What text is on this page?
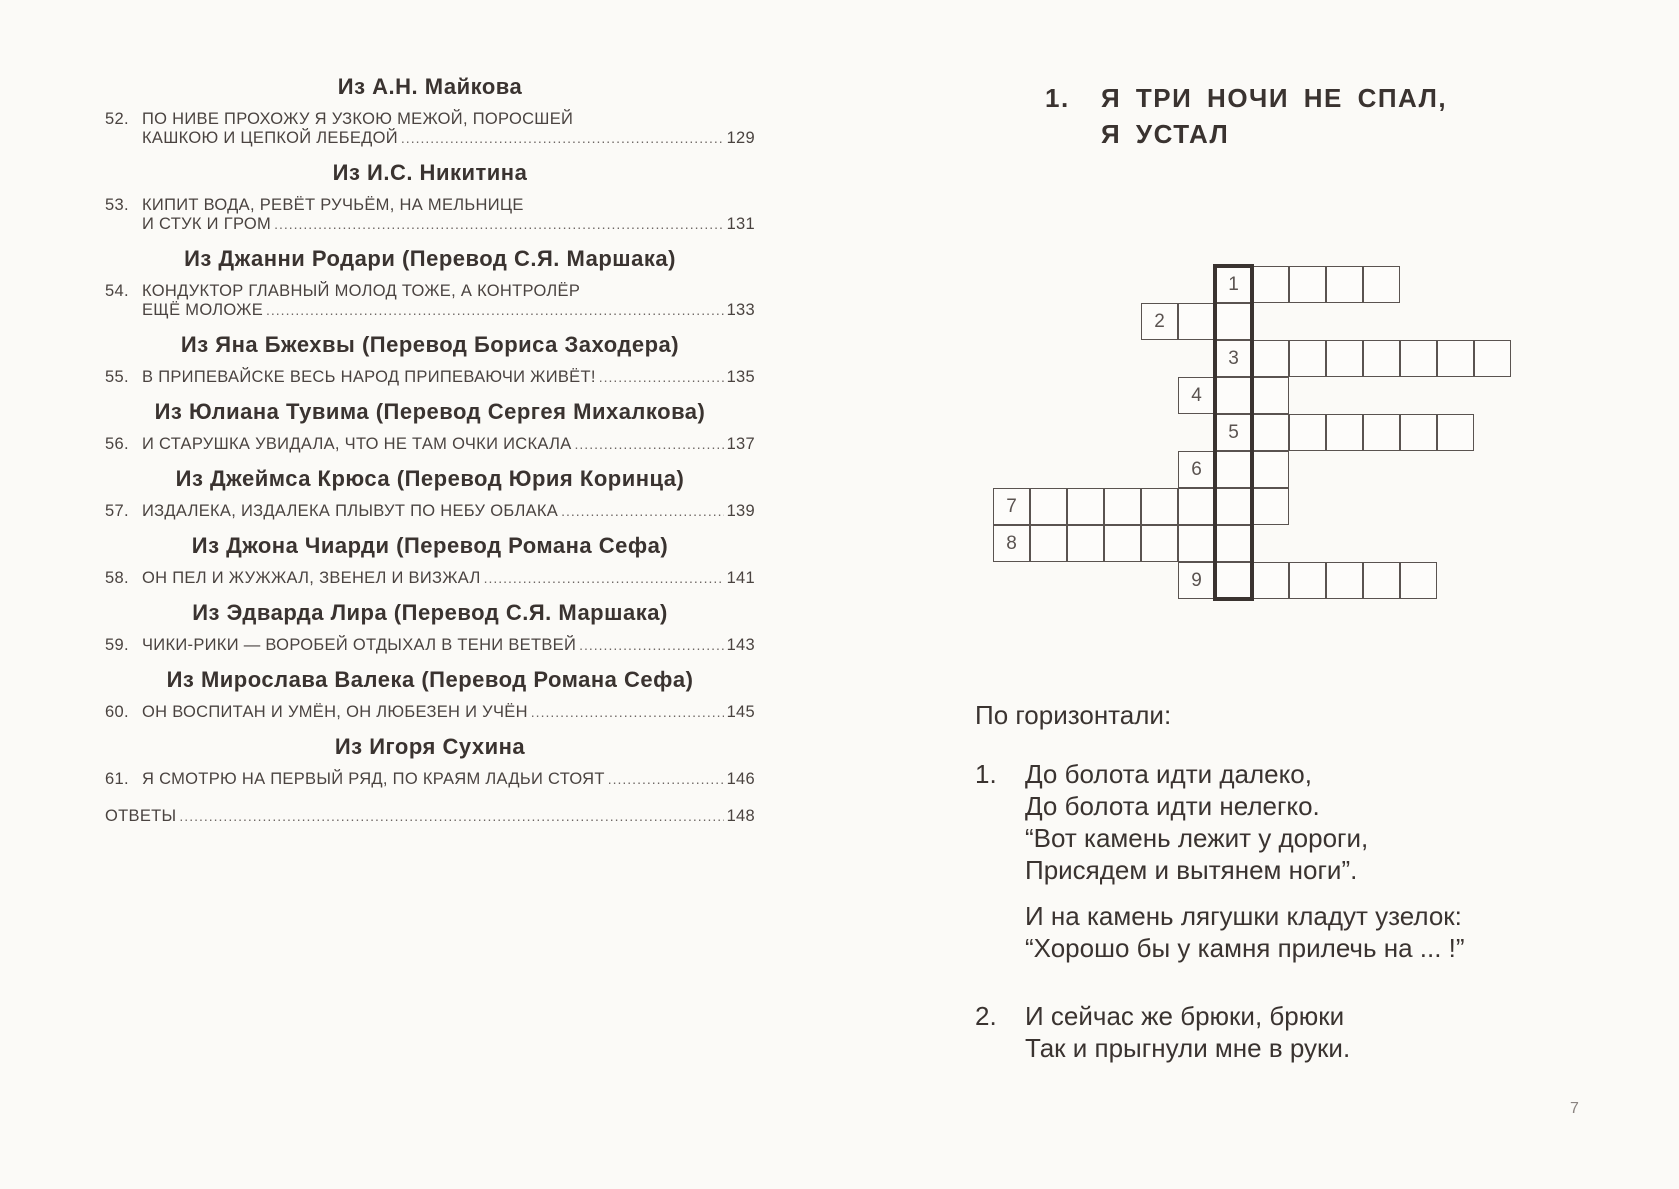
Из А.Н. Майкова
52. ПО НИВЕ ПРОХОЖУ Я УЗКОЮ МЕЖОЙ, ПОРОСШЕЙ
КАШКОЮ И ЦЕПКОЙ ЛЕБЕДОЙ .....	129
Из И.С. Никитина
53. КИПИТ ВОДА, РЕВЁТ РУЧЬЁМ, НА МЕЛЬНИЦЕ
И СТУК И ГРОМ .....	131
Из Джанни Родари (Перевод С.Я. Маршака)
54. КОНДУКТОР ГЛАВНЫЙ МОЛОД ТОЖЕ, А КОНТРОЛЁР
ЕЩЁ МОЛОЖЕ .....	133
Из Яна Бжехвы (Перевод Бориса Заходера)
55. В ПРИПЕВАЙСКЕ ВЕСЬ НАРОД ПРИПЕВАЮЧИ ЖИВЁТ! .....	135
Из Юлиана Тувима (Перевод Сергея Михалкова)
56. И СТАРУШКА УВИДАЛА, ЧТО НЕ ТАМ ОЧКИ ИСКАЛА .....	137
Из Джеймса Крюса (Перевод Юрия Коринца)
57. ИЗДАЛЕКА, ИЗДАЛЕКА ПЛЫВУТ ПО НЕБУ ОБЛАКА .....	139
Из Джона Чиарди (Перевод Романа Сефа)
58. ОН ПЕЛ И ЖУЖЖАЛ, ЗВЕНЕЛ И ВИЗЖАЛ .....	141
Из Эдварда Лира (Перевод С.Я. Маршака)
59. ЧИКИ-РИКИ — ВОРОБЕЙ ОТДЫХАЛ В ТЕНИ ВЕТВЕЙ .....	143
Из Мирослава Валека (Перевод Романа Сефа)
60. ОН ВОСПИТАН И УМЁН, ОН ЛЮБЕЗЕН И УЧЁН .....	145
Из Игоря Сухина
61. Я СМОТРЮ НА ПЕРВЫЙ РЯД, ПО КРАЯМ ЛАДЬИ СТОЯТ .....	146
ОТВЕТЫ .....	148
1.	Я ТРИ НОЧИ НЕ СПАЛ,
Я УСТАЛ
1
2
3
4
5
6
7
8
9
По горизонтали:
1. До болота идти далеко,
До болота идти нелегко.
“Вот камень лежит у дороги,
Присядем и вытянем ноги”.
И на камень лягушки кладут узелок:
“Хорошо бы у камня прилечь на ... !”
2. И сейчас же брюки, брюки
Так и прыгнули мне в руки.
7
